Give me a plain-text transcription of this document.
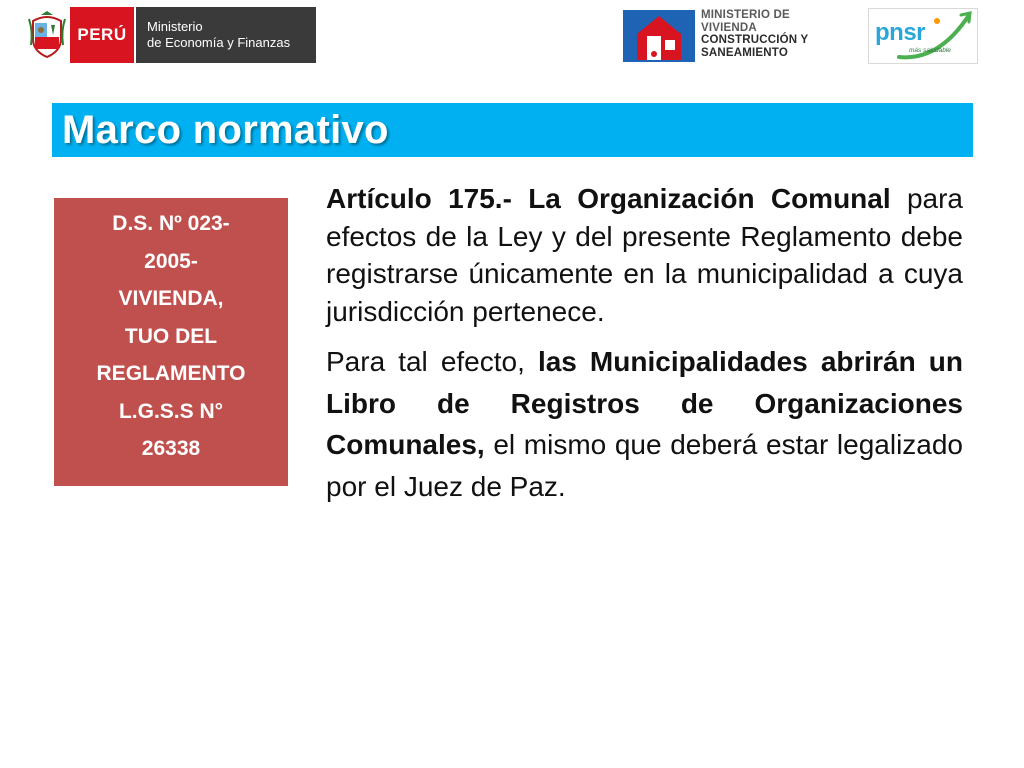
PERÚ	Ministerio
de Economía y Finanzas
MINISTERIO DE
VIVIENDA
CONSTRUCCIÓN Y
SANEAMIENTO
pnsr
más saludable
Marco normativo
D.S. Nº 023-
2005-
VIVIENDA,
TUO DEL
REGLAMENTO
L.G.S.S N°
26338

Artículo 175.- La Organización Comunal para efectos de la Ley y del presente Reglamento debe registrarse únicamente en la municipalidad a cuya jurisdicción pertenece.

Para tal efecto, las Municipalidades abrirán un Libro de Registros de Organizaciones Comunales, el mismo que deberá estar legalizado por el Juez de Paz.
